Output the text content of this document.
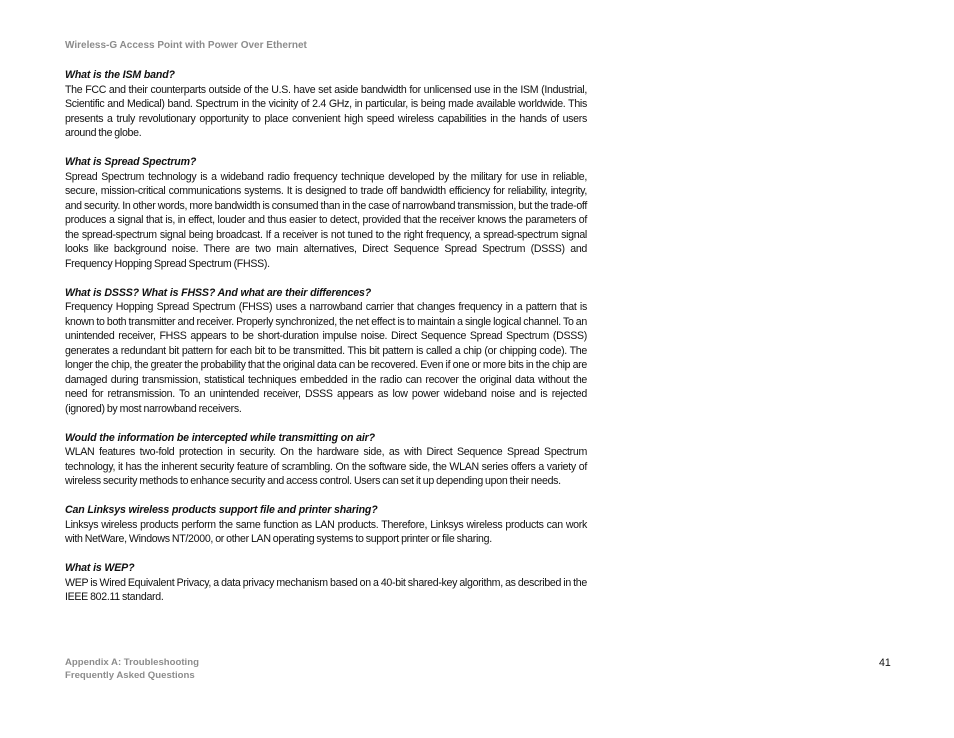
Wireless-G Access Point with Power Over Ethernet

What is the ISM band?

The FCC and their counterparts outside of the U.S. have set aside bandwidth for unlicensed use in the ISM (Industrial, Scientific and Medical) band. Spectrum in the vicinity of 2.4 GHz, in particular, is being made available worldwide. This presents a truly revolutionary opportunity to place convenient high speed wireless capabilities in the hands of users around the globe.

What is Spread Spectrum?

Spread Spectrum technology is a wideband radio frequency technique developed by the military for use in reliable, secure, mission-critical communications systems. It is designed to trade off bandwidth efficiency for reliability, integrity, and security. In other words, more bandwidth is consumed than in the case of narrowband transmission, but the trade-off produces a signal that is, in effect, louder and thus easier to detect, provided that the receiver knows the parameters of the spread-spectrum signal being broadcast. If a receiver is not tuned to the right frequency, a spread-spectrum signal looks like background noise. There are two main alternatives, Direct Sequence Spread Spectrum (DSSS) and Frequency Hopping Spread Spectrum (FHSS).

What is DSSS? What is FHSS? And what are their differences?

Frequency Hopping Spread Spectrum (FHSS) uses a narrowband carrier that changes frequency in a pattern that is known to both transmitter and receiver. Properly synchronized, the net effect is to maintain a single logical channel. To an unintended receiver, FHSS appears to be short-duration impulse noise. Direct Sequence Spread Spectrum (DSSS) generates a redundant bit pattern for each bit to be transmitted. This bit pattern is called a chip (or chipping code). The longer the chip, the greater the probability that the original data can be recovered. Even if one or more bits in the chip are damaged during transmission, statistical techniques embedded in the radio can recover the original data without the need for retransmission. To an unintended receiver, DSSS appears as low power wideband noise and is rejected (ignored) by most narrowband receivers.

Would the information be intercepted while transmitting on air?

WLAN features two-fold protection in security. On the hardware side, as with Direct Sequence Spread Spectrum technology, it has the inherent security feature of scrambling. On the software side, the WLAN series offers a variety of wireless security methods to enhance security and access control. Users can set it up depending upon their needs.

Can Linksys wireless products support file and printer sharing?

Linksys wireless products perform the same function as LAN products. Therefore, Linksys wireless products can work with NetWare, Windows NT/2000, or other LAN operating systems to support printer or file sharing.

What is WEP?

WEP is Wired Equivalent Privacy, a data privacy mechanism based on a 40-bit shared-key algorithm, as described in the IEEE 802.11 standard.

Appendix A: Troubleshooting
Frequently Asked Questions
41
